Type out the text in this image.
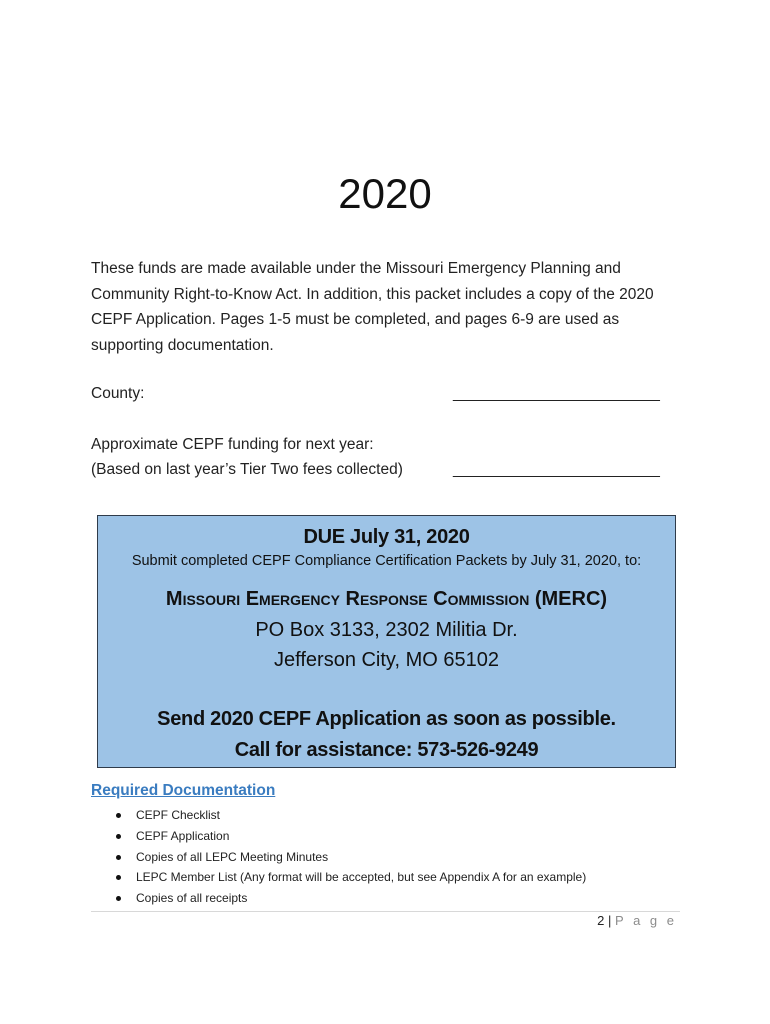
2020
These funds are made available under the Missouri Emergency Planning and
Community Right-to-Know Act. In addition, this packet includes a copy of the 2020
CEPF Application. Pages 1-5 must be completed, and pages 6-9 are used as
supporting documentation.
County:	________________________
Approximate CEPF funding for next year:
(Based on last year’s Tier Two fees collected)	________________________
DUE July 31, 2020
Submit completed CEPF Compliance Certification Packets by July 31, 2020, to:
Missouri Emergency Response Commission (MERC)
PO Box 3133, 2302 Militia Dr.
Jefferson City, MO 65102
Send 2020 CEPF Application as soon as possible.
Call for assistance: 573-526-9249
Required Documentation
CEPF Checklist
CEPF Application
Copies of all LEPC Meeting Minutes
LEPC Member List (Any format will be accepted, but see Appendix A for an example)
Copies of all receipts
2 | P a g e
